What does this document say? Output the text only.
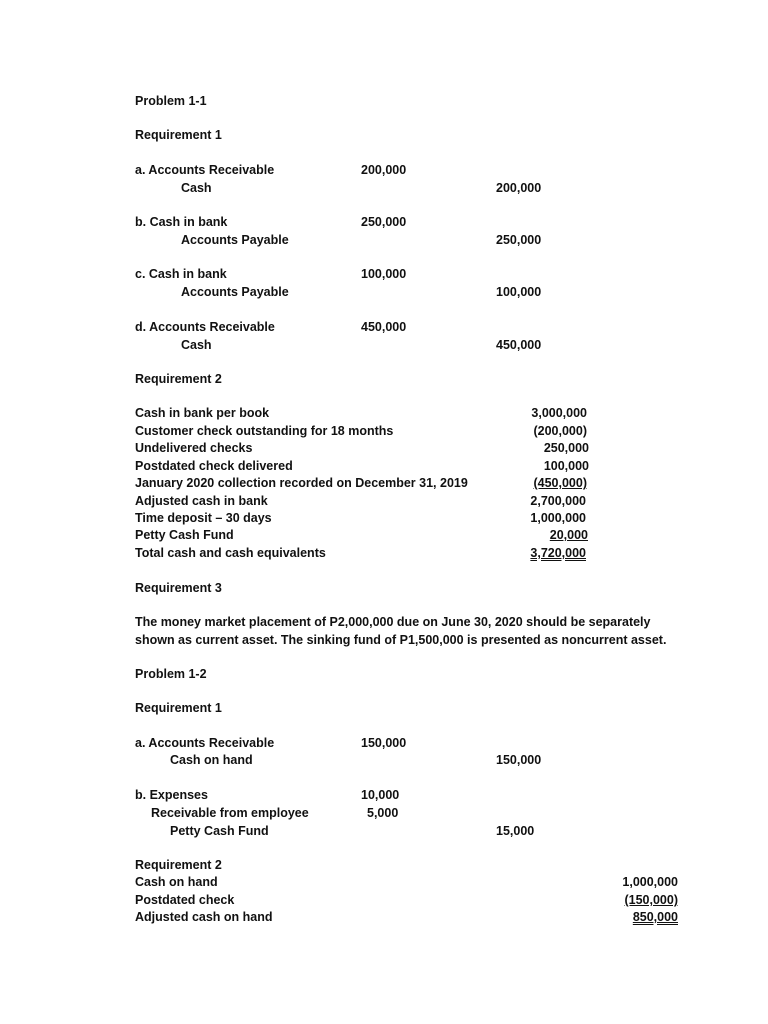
Problem 1-1
Requirement 1
a. Accounts Receivable	200,000
Cash	200,000
b. Cash in bank	250,000
Accounts Payable	250,000
c. Cash in bank	100,000
Accounts Payable	100,000
d. Accounts Receivable	450,000
Cash	450,000
Requirement 2
Cash in bank per book	3,000,000
Customer check outstanding for 18 months	(200,000)
Undelivered checks	250,000
Postdated check delivered	100,000
January 2020 collection recorded on December 31, 2019	(450,000)
Adjusted cash in bank	2,700,000
Time deposit – 30 days	1,000,000
Petty Cash Fund	20,000
Total cash and cash equivalents	3,720,000
Requirement 3
The money market placement of P2,000,000 due on June 30, 2020 should be separately shown as current asset. The sinking fund of P1,500,000 is presented as noncurrent asset.
Problem 1-2
Requirement 1
a. Accounts Receivable	150,000
Cash on hand	150,000
b. Expenses	10,000
Receivable from employee	5,000
Petty Cash Fund	15,000
Requirement 2
Cash on hand	1,000,000
Postdated check	(150,000)
Adjusted cash on hand	850,000
